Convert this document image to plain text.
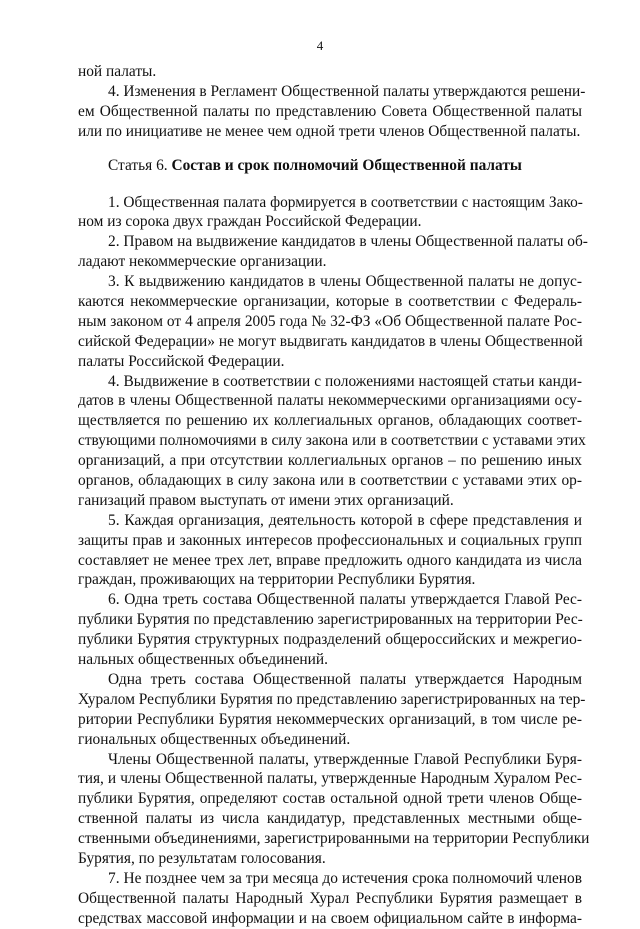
4
ной палаты.
4. Изменения в Регламент Общественной палаты утверждаются решени-
ем Общественной палаты по представлению Совета Общественной палаты
или по инициативе не менее чем одной трети членов Общественной палаты.
Статья 6. Состав и срок полномочий Общественной палаты
1. Общественная палата формируется в соответствии с настоящим Зако-
ном из сорока двух граждан Российской Федерации.
2. Правом на выдвижение кандидатов в члены Общественной палаты об-
ладают некоммерческие организации.
3. К выдвижению кандидатов в члены Общественной палаты не допус-
каются некоммерческие организации, которые в соответствии с Федераль-
ным законом от 4 апреля 2005 года № 32-ФЗ «Об Общественной палате Рос-
сийской Федерации» не могут выдвигать кандидатов в члены Общественной
палаты Российской Федерации.
4. Выдвижение в соответствии с положениями настоящей статьи канди-
датов в члены Общественной палаты некоммерческими организациями осу-
ществляется по решению их коллегиальных органов, обладающих соответ-
ствующими полномочиями в силу закона или в соответствии с уставами этих
организаций, а при отсутствии коллегиальных органов – по решению иных
органов, обладающих в силу закона или в соответствии с уставами этих ор-
ганизаций правом выступать от имени этих организаций.
5. Каждая организация, деятельность которой в сфере представления и
защиты прав и законных интересов профессиональных и социальных групп
составляет не менее трех лет, вправе предложить одного кандидата из числа
граждан, проживающих на территории Республики Бурятия.
6. Одна треть состава Общественной палаты утверждается Главой Рес-
публики Бурятия по представлению зарегистрированных на территории Рес-
публики Бурятия структурных подразделений общероссийских и межрегио-
нальных общественных объединений.
Одна треть состава Общественной палаты утверждается Народным
Хуралом Республики Бурятия по представлению зарегистрированных на тер-
ритории Республики Бурятия некоммерческих организаций, в том числе ре-
гиональных общественных объединений.
Члены Общественной палаты, утвержденные Главой Республики Буря-
тия, и члены Общественной палаты, утвержденные Народным Хуралом Рес-
публики Бурятия, определяют состав остальной одной трети членов Обще-
ственной палаты из числа кандидатур, представленных местными обще-
ственными объединениями, зарегистрированными на территории Республики
Бурятия, по результатам голосования.
7. Не позднее чем за три месяца до истечения срока полномочий членов
Общественной палаты Народный Хурал Республики Бурятия размещает в
средствах массовой информации и на своем официальном сайте в информа-
